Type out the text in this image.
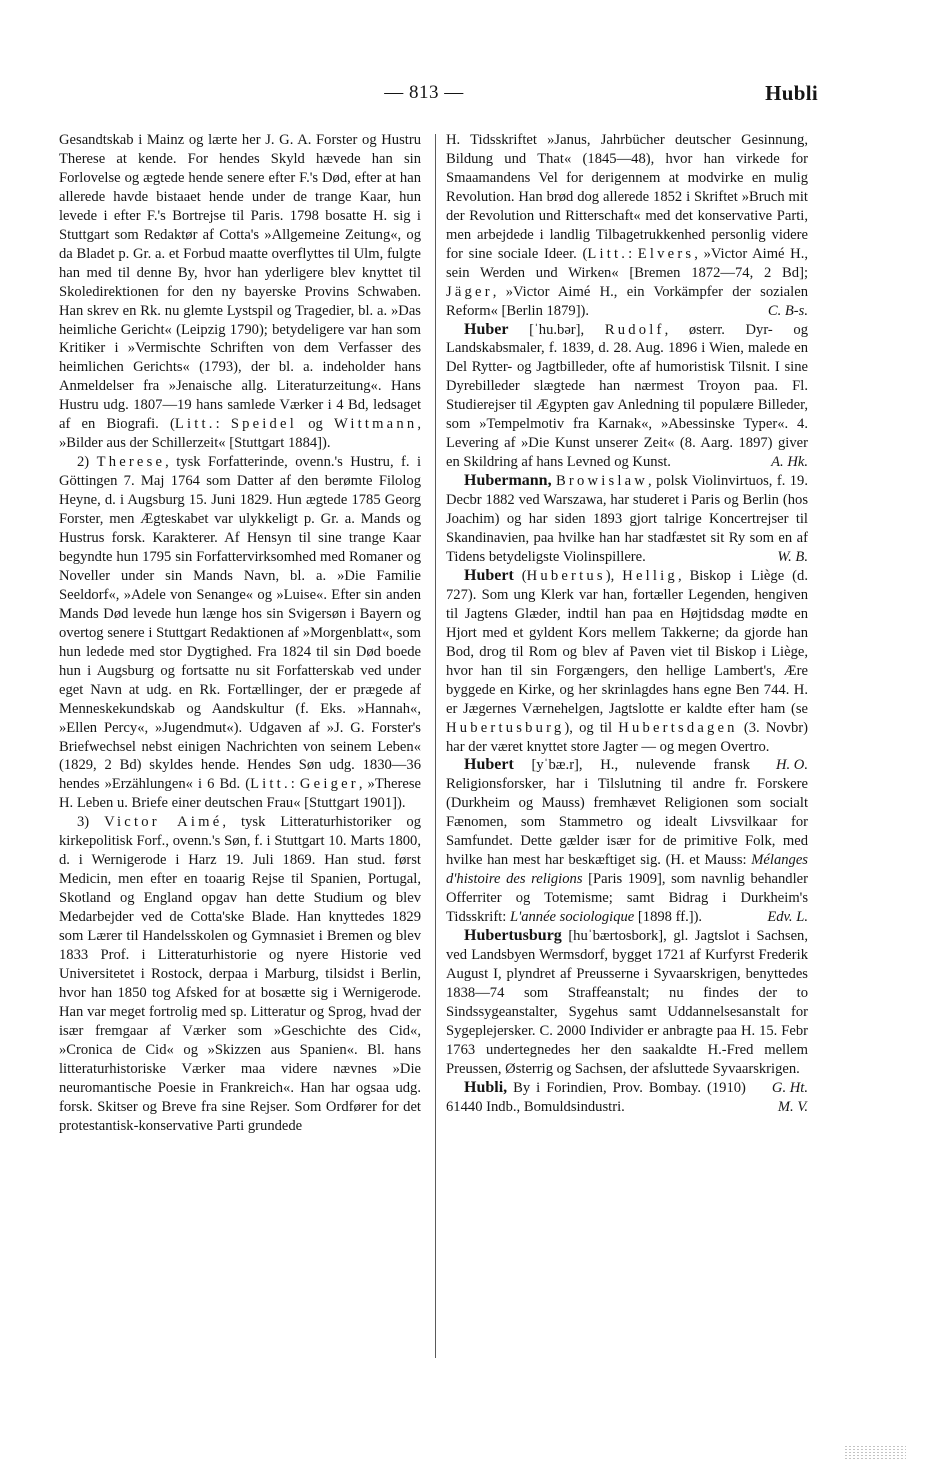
— 813 —	Hubli

Gesandtskab i Mainz og lærte her J. G. A. Forster og Hustru Therese at kende. For hendes Skyld hævede han sin Forlovelse og ægtede hende senere efter F.'s Død, efter at han allerede havde bistaaet hende under de trange Kaar, hun levede i efter F.'s Bortrejse til Paris. 1798 bosatte H. sig i Stuttgart som Redaktør af Cotta's »Allgemeine Zeitung«, og da Bladet p. Gr. a. et Forbud maatte overflyttes til Ulm, fulgte han med til denne By, hvor han yderligere blev knyttet til Skoledirektionen for den ny bayerske Provins Schwaben. Han skrev en Rk. nu glemte Lystspil og Tragedier, bl. a. »Das heimliche Gericht« (Leipzig 1790); betydeligere var han som Kritiker i »Vermischte Schriften von dem Verfasser des heimlichen Gerichts« (1793), der bl. a. indeholder hans Anmeldelser fra »Jenaische allg. Literaturzeitung«. Hans Hustru udg. 1807—19 hans samlede Værker i 4 Bd, ledsaget af en Biografi. (Litt.: Speidel og Wittmann, »Bilder aus der Schillerzeit« [Stuttgart 1884]).

2) Therese, tysk Forfatterinde, ovenn.'s Hustru, f. i Göttingen 7. Maj 1764 som Datter af den berømte Filolog Heyne, d. i Augsburg 15. Juni 1829. Hun ægtede 1785 Georg Forster, men Ægteskabet var ulykkeligt p. Gr. a. Mands og Hustrus forsk. Karakterer. Af Hensyn til sine trange Kaar begyndte hun 1795 sin Forfattervirksomhed med Romaner og Noveller under sin Mands Navn, bl. a. »Die Familie Seeldorf«, »Adele von Senange« og »Luise«. Efter sin anden Mands Død levede hun længe hos sin Svigersøn i Bayern og overtog senere i Stuttgart Redaktionen af »Morgenblatt«, som hun ledede med stor Dygtighed. Fra 1824 til sin Død boede hun i Augsburg og fortsatte nu sit Forfatterskab ved under eget Navn at udg. en Rk. Fortællinger, der er prægede af Menneskekundskab og Aandskultur (f. Eks. »Hannah«, »Ellen Percy«, »Jugendmut«). Udgaven af »J. G. Forster's Briefwechsel nebst einigen Nachrichten von seinem Leben« (1829, 2 Bd) skyldes hende. Hendes Søn udg. 1830—36 hendes »Erzählungen« i 6 Bd. (Litt.: Geiger, »Therese H. Leben u. Briefe einer deutschen Frau« [Stuttgart 1901]).

3) Victor Aimé, tysk Litteraturhistoriker og kirkepolitisk Forf., ovenn.'s Søn, f. i Stuttgart 10. Marts 1800, d. i Wernigerode i Harz 19. Juli 1869. Han stud. først Medicin, men efter en toaarig Rejse til Spanien, Portugal, Skotland og England opgav han dette Studium og blev Medarbejder ved de Cotta'ske Blade. Han knyttedes 1829 som Lærer til Handelsskolen og Gymnasiet i Bremen og blev 1833 Prof. i Litteraturhistorie og nyere Historie ved Universitetet i Rostock, derpaa i Marburg, tilsidst i Berlin, hvor han 1850 tog Afsked for at bosætte sig i Wernigerode. Han var meget fortrolig med sp. Litteratur og Sprog, hvad der især fremgaar af Værker som »Geschichte des Cid«, »Cronica de Cid« og »Skizzen aus Spanien«. Bl. hans litteraturhistoriske Værker maa videre nævnes »Die neuromantische Poesie in Frankreich«. Han har ogsaa udg. forsk. Skitser og Breve fra sine Rejser. Som Ordfører for det protestantisk-konservative Parti grundede

H. Tidsskriftet »Janus, Jahrbücher deutscher Gesinnung, Bildung und That« (1845—48), hvor han virkede for Smaamandens Vel for derigennem at modvirke en mulig Revolution. Han brød dog allerede 1852 i Skriftet »Bruch mit der Revolution und Ritterschaft« med det konservative Parti, men arbejdede i landlig Tilbagetrukkenhed personlig videre for sine sociale Ideer. (Litt.: Elvers, »Victor Aimé H., sein Werden und Wirken« [Bremen 1872—74, 2 Bd]; Jäger, »Victor Aimé H., ein Vorkämpfer der sozialen Reform« [Berlin 1879]).	C. B-s.

Huber [ˈhu.bər], Rudolf, østerr. Dyr- og Landskabsmaler, f. 1839, d. 28. Aug. 1896 i Wien, malede en Del Rytter- og Jagtbilleder, ofte af humoristisk Tilsnit. I sine Dyrebilleder slægtede han nærmest Troyon paa. Fl. Studierejser til Ægypten gav Anledning til populære Billeder, som »Tempelmotiv fra Karnak«, »Abessinske Typer«. 4. Levering af »Die Kunst unserer Zeit« (8. Aarg. 1897) giver en Skildring af hans Levned og Kunst.	A. Hk.

Hubermann, Browislaw, polsk Violinvirtuos, f. 19. Decbr 1882 ved Warszawa, har studeret i Paris og Berlin (hos Joachim) og har siden 1893 gjort talrige Koncertrejser til Skandinavien, paa hvilke han har stadfæstet sit Ry som en af Tidens betydeligste Violinspillere.	W. B.

Hubert (Hubertus), Hellig, Biskop i Liège (d. 727). Som ung Klerk var han, fortæller Legenden, hengiven til Jagtens Glæder, indtil han paa en Højtidsdag mødte en Hjort med et gyldent Kors mellem Takkerne; da gjorde han Bod, drog til Rom og blev af Paven viet til Biskop i Liège, hvor han til sin Forgængers, den hellige Lambert's, Ære byggede en Kirke, og her skrinlagdes hans egne Ben 744. H. er Jægernes Værnehelgen, Jagtslotte er kaldte efter ham (se Hubertusburg), og til Hubertsdagen (3. Novbr) har der været knyttet store Jagter — og megen Overtro.
H. O.

Hubert [yˈbæ.r], H., nulevende fransk Religionsforsker, har i Tilslutning til andre fr. Forskere (Durkheim og Mauss) fremhævet Religionen som socialt Fænomen, som Stammetro og idealt Livsvilkaar for Samfundet. Dette gælder især for de primitive Folk, med hvilke han mest har beskæftiget sig. (H. et Mauss: Mélanges d'histoire des religions [Paris 1909], som navnlig behandler Offerriter og Totemisme; samt Bidrag i Durkheim's Tidsskrift: L'année sociologique [1898 ff.]).	Edv. L.

Hubertusburg [huˈbærtosbork], gl. Jagtslot i Sachsen, ved Landsbyen Wermsdorf, bygget 1721 af Kurfyrst Frederik August I, plyndret af Preusserne i Syvaarskrigen, benyttedes 1838—74 som Straffeanstalt; nu findes der to Sindssygeanstalter, Sygehus samt Uddannelsesanstalt for Sygeplejersker. C. 2000 Individer er anbragte paa H. 15. Febr 1763 undertegnedes her den saakaldte H.-Fred mellem Preussen, Østerrig og Sachsen, der afsluttede Syvaarskrigen.
G. Ht.

Hubli, By i Forindien, Prov. Bombay. (1910) 61440 Indb., Bomuldsindustri.	M. V.
